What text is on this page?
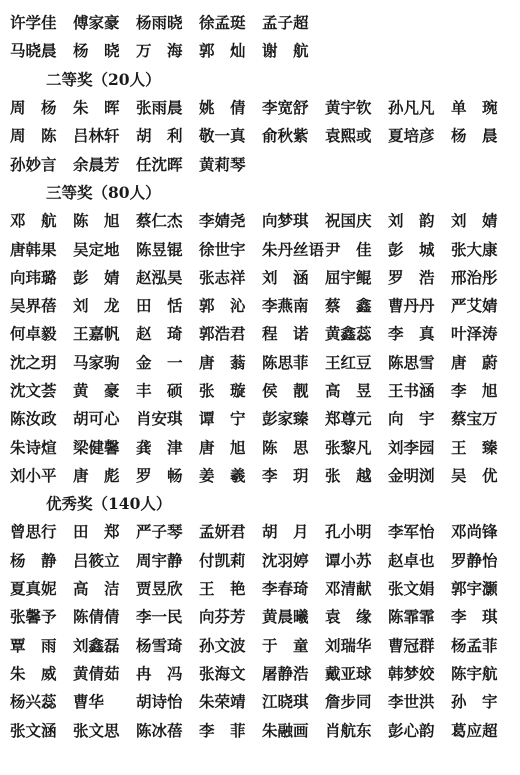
许学佳	傅家豪	杨雨晓	徐孟珽	孟子超
马晓晨	杨　晓	万　海	郭　灿	谢　航
二等奖（20人）
周　杨	朱　晖	张雨晨	姚　倩	李宽舒	黄宇钦	孙凡凡	单　琬
周　陈	吕林轩	胡　利	敬一真	俞秋紫	袁熙或	夏培彦	杨　晨
孙妙言	余晨芳	任沈晖	黄莉琴
三等奖（80人）
邓　航	陈　旭	蔡仁杰	李婧尧	向梦琪	祝国庆	刘　韵	刘　婧
唐韩果	吴定地	陈昱锟	徐世宇	朱丹丝语 尹　佳	彭　城	张大康
向玮璐	彭　婧	赵泓昊	张志祥	刘　涵	屈宇鲲	罗　浩	邢治彤
吴界蓓	刘　龙	田　恬	郭　沁	李燕南	蔡　鑫	曹丹丹	严艾婧
何卓毅	王嘉帆	赵　琦	郭浩君	程　诺	黄鑫蕊	李　真	叶泽涛
沈之玥	马家驹	金　一	唐　蓊	陈思菲	王红豆	陈思雪	唐　蔚
沈文荟	黄　豪	丰　硕	张　璇	侯　靓	高　昱	王书涵	李　旭
陈汝政	胡可心	肖安琪	谭　宁	彭家臻	郑尊元	向　宇	蔡宝万
朱诗煊	梁健馨	龚　津	唐　旭	陈　思	张黎凡	刘李园	王　臻
刘小平	唐　彪	罗　畅	姜　羲	李　玥	张　越	金明浏	吴　优
优秀奖（140人）
曾思行	田　郑	严子琴	孟妍君	胡　月	孔小明	李军怡	邓尚锋
杨　静	吕筱立	周宇静	付凯莉	沈羽婷	谭小苏	赵卓也	罗静怡
夏真妮	高　洁	贾昱欣	王　艳	李春琦	邓清献	张文娟	郭宇灏
张馨予	陈倩倩	李一民	向芬芳	黄晨曦	袁　缘	陈霏霏	李　琪
覃　雨	刘鑫磊	杨雪琦	孙文波	于　童	刘瑞华	曹冠群	杨孟菲
朱　威	黄倩茹	冉　冯	张海文	屠静浩	戴亚球	韩梦姣	陈宇航
杨兴蕊	曹华	胡诗怡	朱荣靖	江晓琪	詹步同	李世洪	孙　宇
张文涵	张文思	陈冰蓓	李　菲	朱融画	肖航东	彭心韵	葛应超
